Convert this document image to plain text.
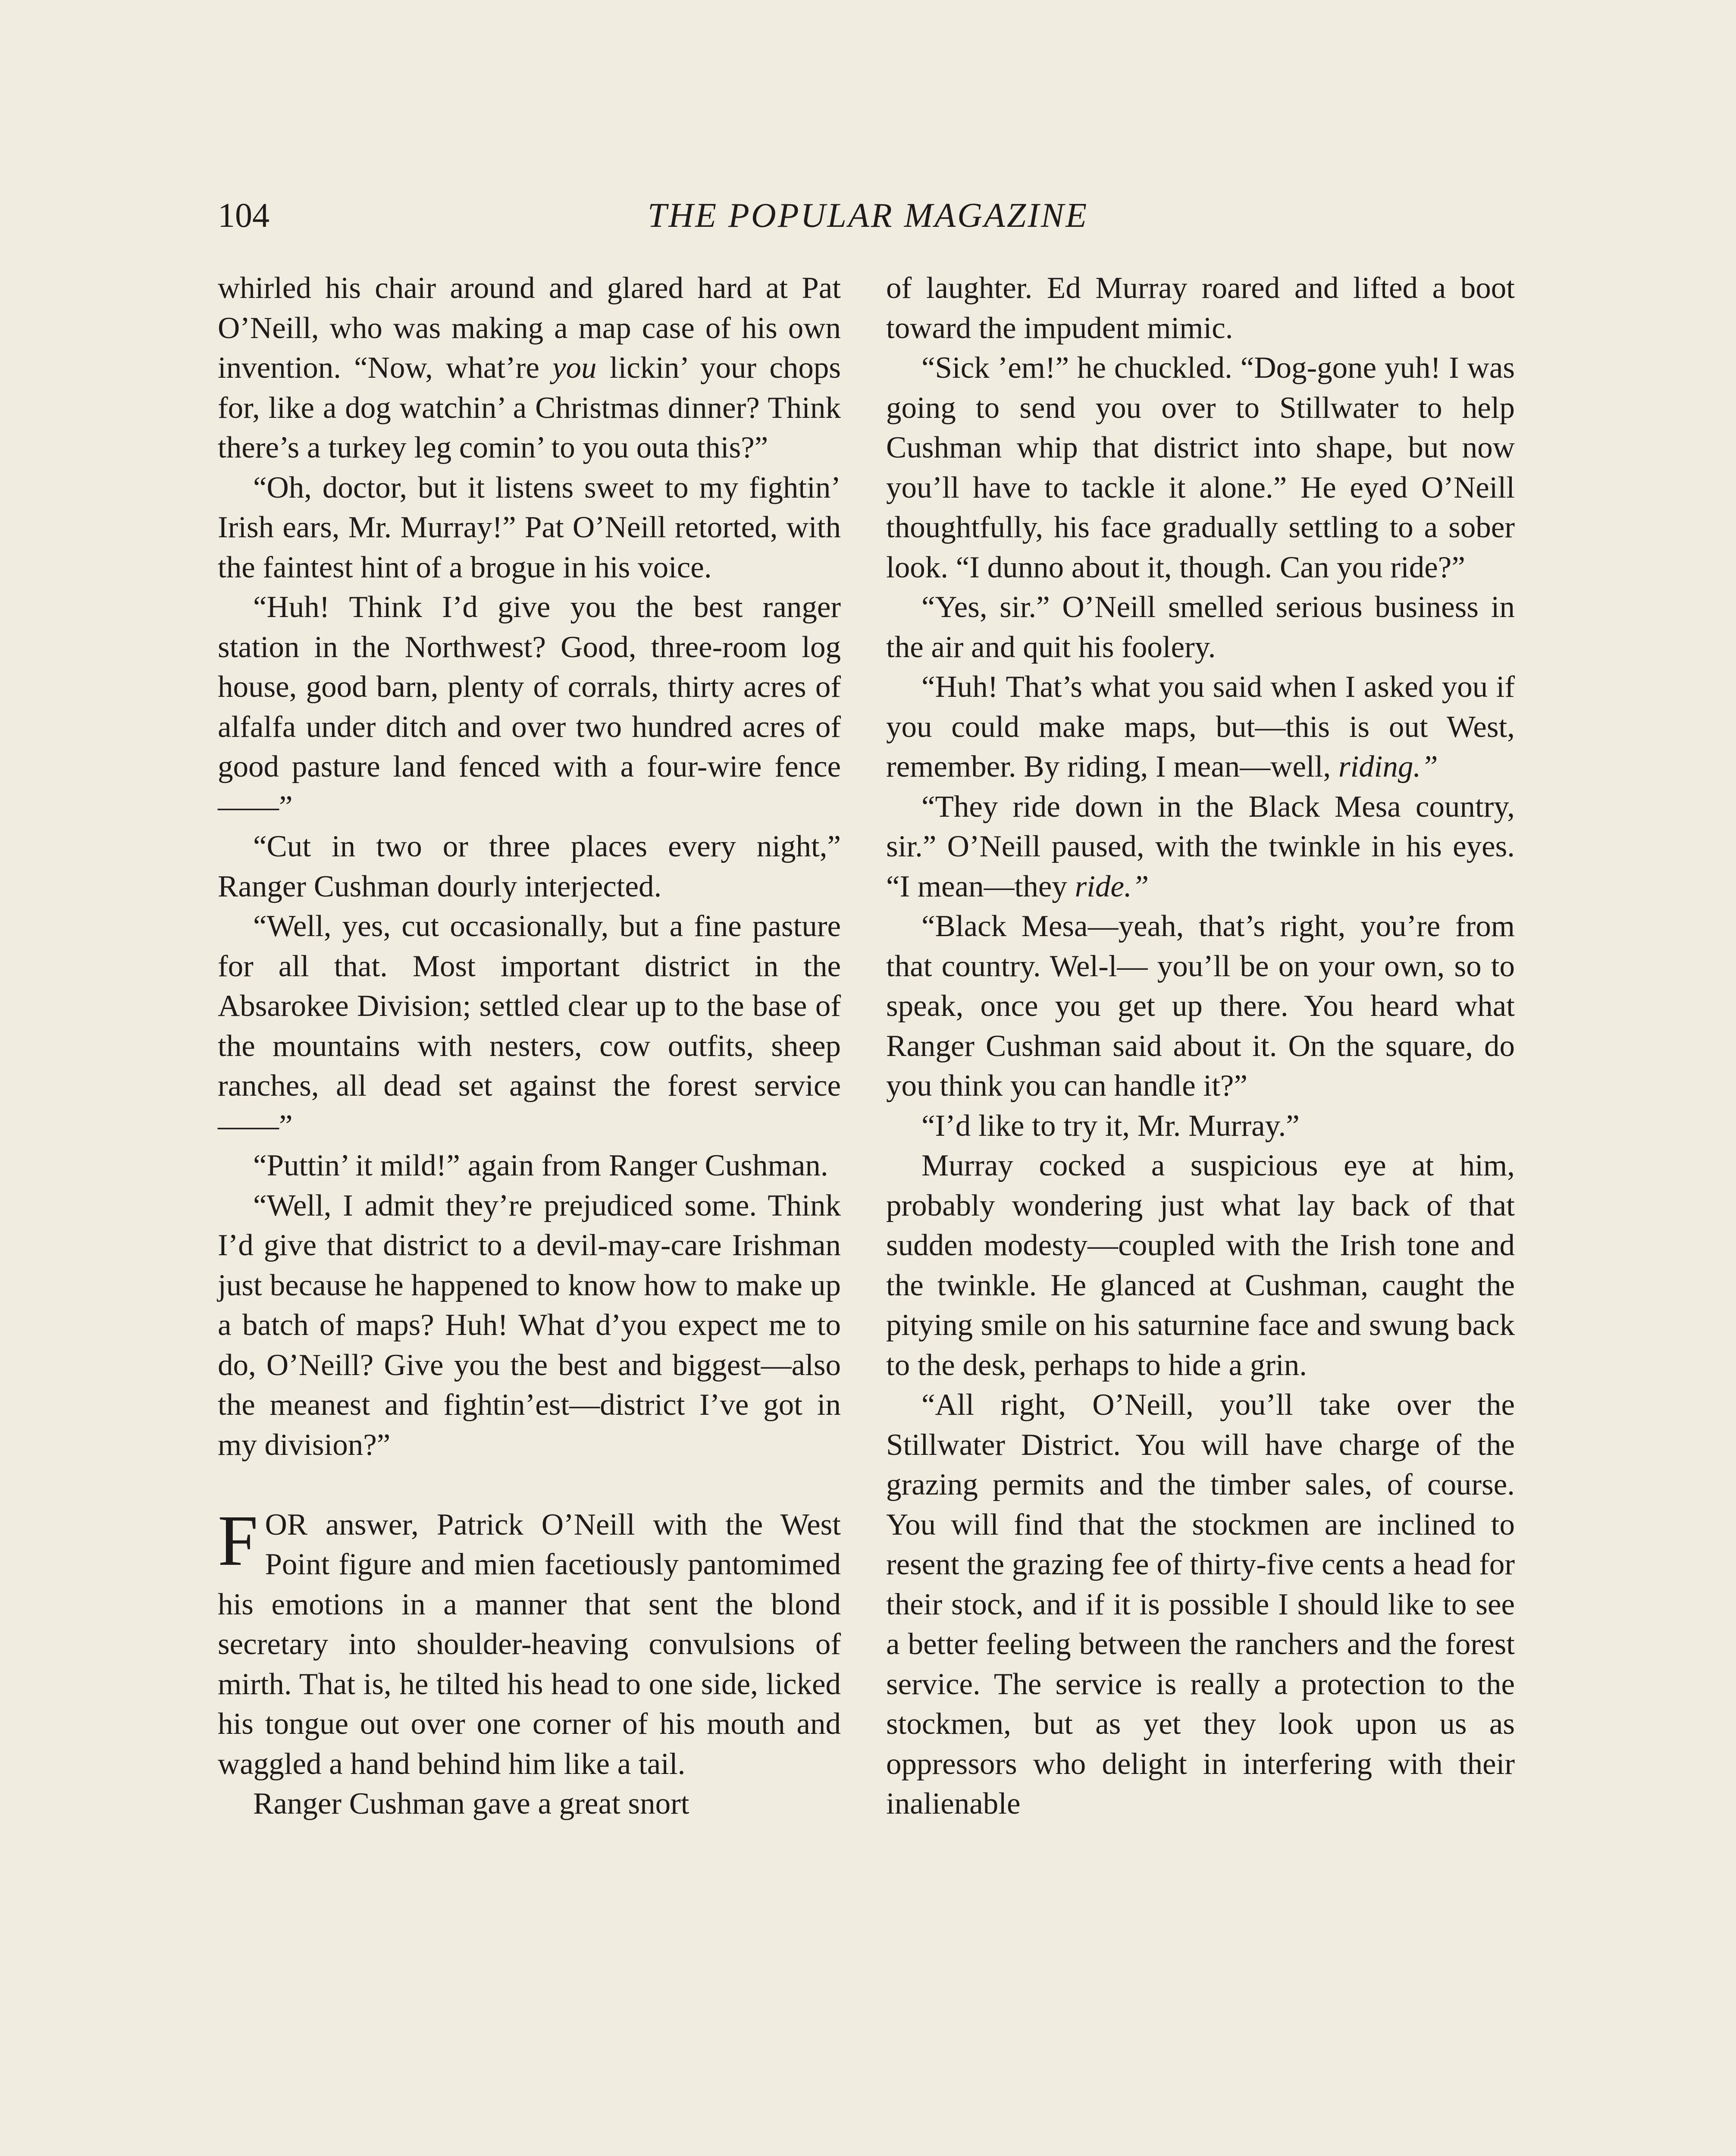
104	THE POPULAR MAGAZINE

whirled his chair around and glared hard at Pat O’Neill, who was making a map case of his own invention. “Now, what’re you lickin’ your chops for, like a dog watchin’ a Christmas dinner? Think there’s a turkey leg comin’ to you outa this?”

“Oh, doctor, but it listens sweet to my fightin’ Irish ears, Mr. Murray!” Pat O’Neill retorted, with the faintest hint of a brogue in his voice.

“Huh! Think I’d give you the best ranger station in the Northwest? Good, three-room log house, good barn, plenty of corrals, thirty acres of alfalfa under ditch and over two hundred acres of good pasture land fenced with a four-wire fence——”

“Cut in two or three places every night,” Ranger Cushman dourly interjected.

“Well, yes, cut occasionally, but a fine pasture for all that. Most important district in the Absarokee Division; settled clear up to the base of the mountains with nesters, cow outfits, sheep ranches, all dead set against the forest service——”

“Puttin’ it mild!” again from Ranger Cushman.

“Well, I admit they’re prejudiced some. Think I’d give that district to a devil-may-care Irishman just because he happened to know how to make up a batch of maps? Huh! What d’you expect me to do, O’Neill? Give you the best and biggest—also the meanest and fightin’est—district I’ve got in my division?”

FOR answer, Patrick O’Neill with the West Point figure and mien facetiously pantomimed his emotions in a manner that sent the blond secretary into shoulder-heaving convulsions of mirth. That is, he tilted his head to one side, licked his tongue out over one corner of his mouth and waggled a hand behind him like a tail.

Ranger Cushman gave a great snort

of laughter. Ed Murray roared and lifted a boot toward the impudent mimic.

“Sick ’em!” he chuckled. “Dog-gone yuh! I was going to send you over to Stillwater to help Cushman whip that district into shape, but now you’ll have to tackle it alone.” He eyed O’Neill thoughtfully, his face gradually settling to a sober look. “I dunno about it, though. Can you ride?”

“Yes, sir.” O’Neill smelled serious business in the air and quit his foolery.

“Huh! That’s what you said when I asked you if you could make maps, but—this is out West, remember. By riding, I mean—well, riding.”

“They ride down in the Black Mesa country, sir.” O’Neill paused, with the twinkle in his eyes. “I mean—they ride.”

“Black Mesa—yeah, that’s right, you’re from that country. Wel-l— you’ll be on your own, so to speak, once you get up there. You heard what Ranger Cushman said about it. On the square, do you think you can handle it?”

“I’d like to try it, Mr. Murray.”

Murray cocked a suspicious eye at him, probably wondering just what lay back of that sudden modesty—coupled with the Irish tone and the twinkle. He glanced at Cushman, caught the pitying smile on his saturnine face and swung back to the desk, perhaps to hide a grin.

“All right, O’Neill, you’ll take over the Stillwater District. You will have charge of the grazing permits and the timber sales, of course. You will find that the stockmen are inclined to resent the grazing fee of thirty-five cents a head for their stock, and if it is possible I should like to see a better feeling between the ranchers and the forest service. The service is really a protection to the stockmen, but as yet they look upon us as oppressors who delight in interfering with their inalienable
